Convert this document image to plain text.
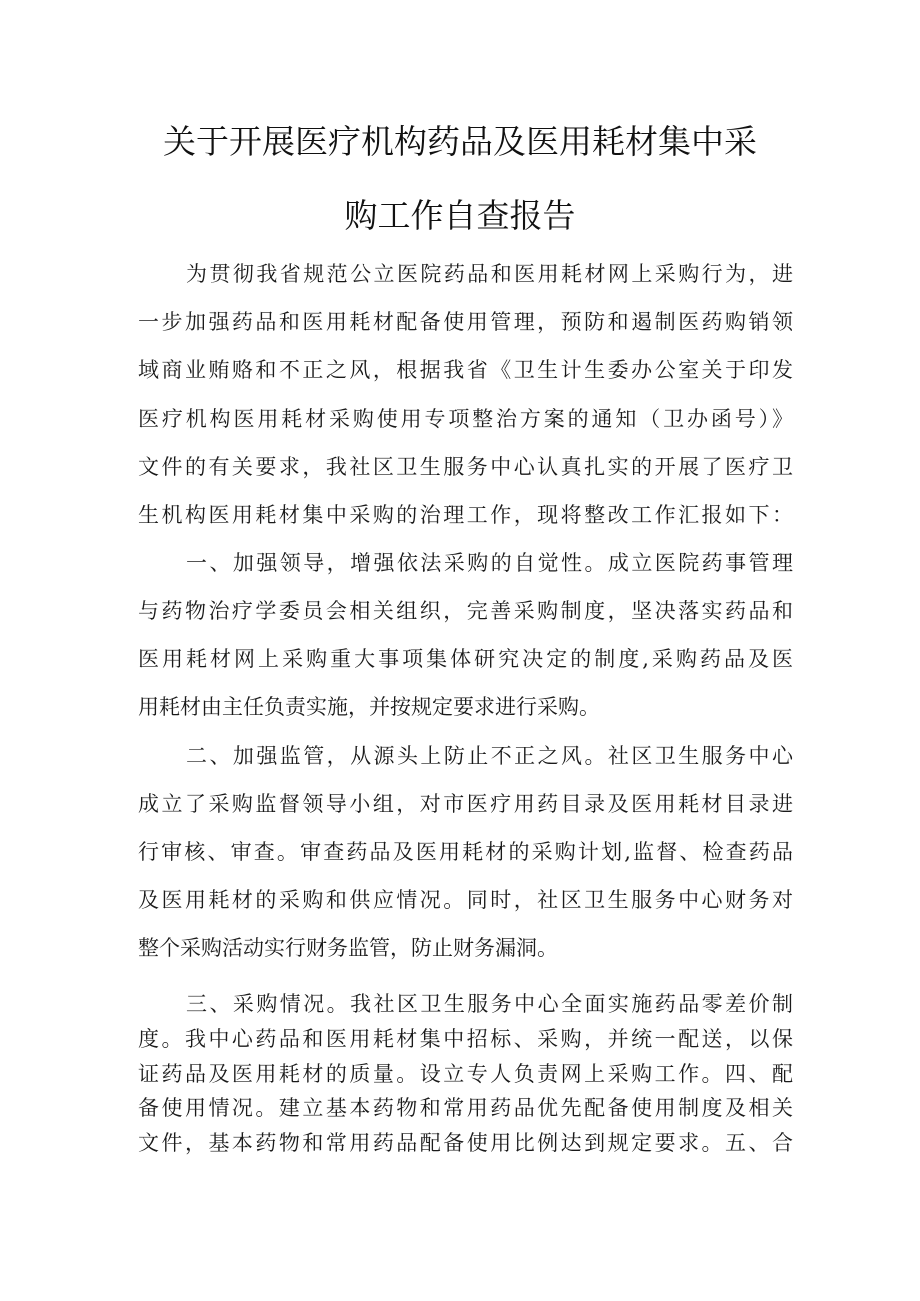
关于开展医疗机构药品及医用耗材集中采
购工作自查报告
为贯彻我省规范公立医院药品和医用耗材网上采购行为，进
一步加强药品和医用耗材配备使用管理，预防和遏制医药购销领
域商业贿赂和不正之风，根据我省《卫生计生委办公室关于印发
医疗机构医用耗材采购使用专项整治方案的通知（卫办函号）》
文件的有关要求，我社区卫生服务中心认真扎实的开展了医疗卫
生机构医用耗材集中采购的治理工作，现将整改工作汇报如下：
一、加强领导，增强依法采购的自觉性。成立医院药事管理
与药物治疗学委员会相关组织，完善采购制度，坚决落实药品和
医用耗材网上采购重大事项集体研究决定的制度,采购药品及医
用耗材由主任负责实施，并按规定要求进行采购。
二、加强监管，从源头上防止不正之风。社区卫生服务中心
成立了采购监督领导小组，对市医疗用药目录及医用耗材目录进
行审核、审查。审查药品及医用耗材的采购计划,监督、检查药品
及医用耗材的采购和供应情况。同时，社区卫生服务中心财务对
整个采购活动实行财务监管，防止财务漏洞。
三、采购情况。我社区卫生服务中心全面实施药品零差价制
度。我中心药品和医用耗材集中招标、采购，并统一配送，以保
证药品及医用耗材的质量。设立专人负责网上采购工作。四、配
备使用情况。建立基本药物和常用药品优先配备使用制度及相关
文件，基本药物和常用药品配备使用比例达到规定要求。五、合
